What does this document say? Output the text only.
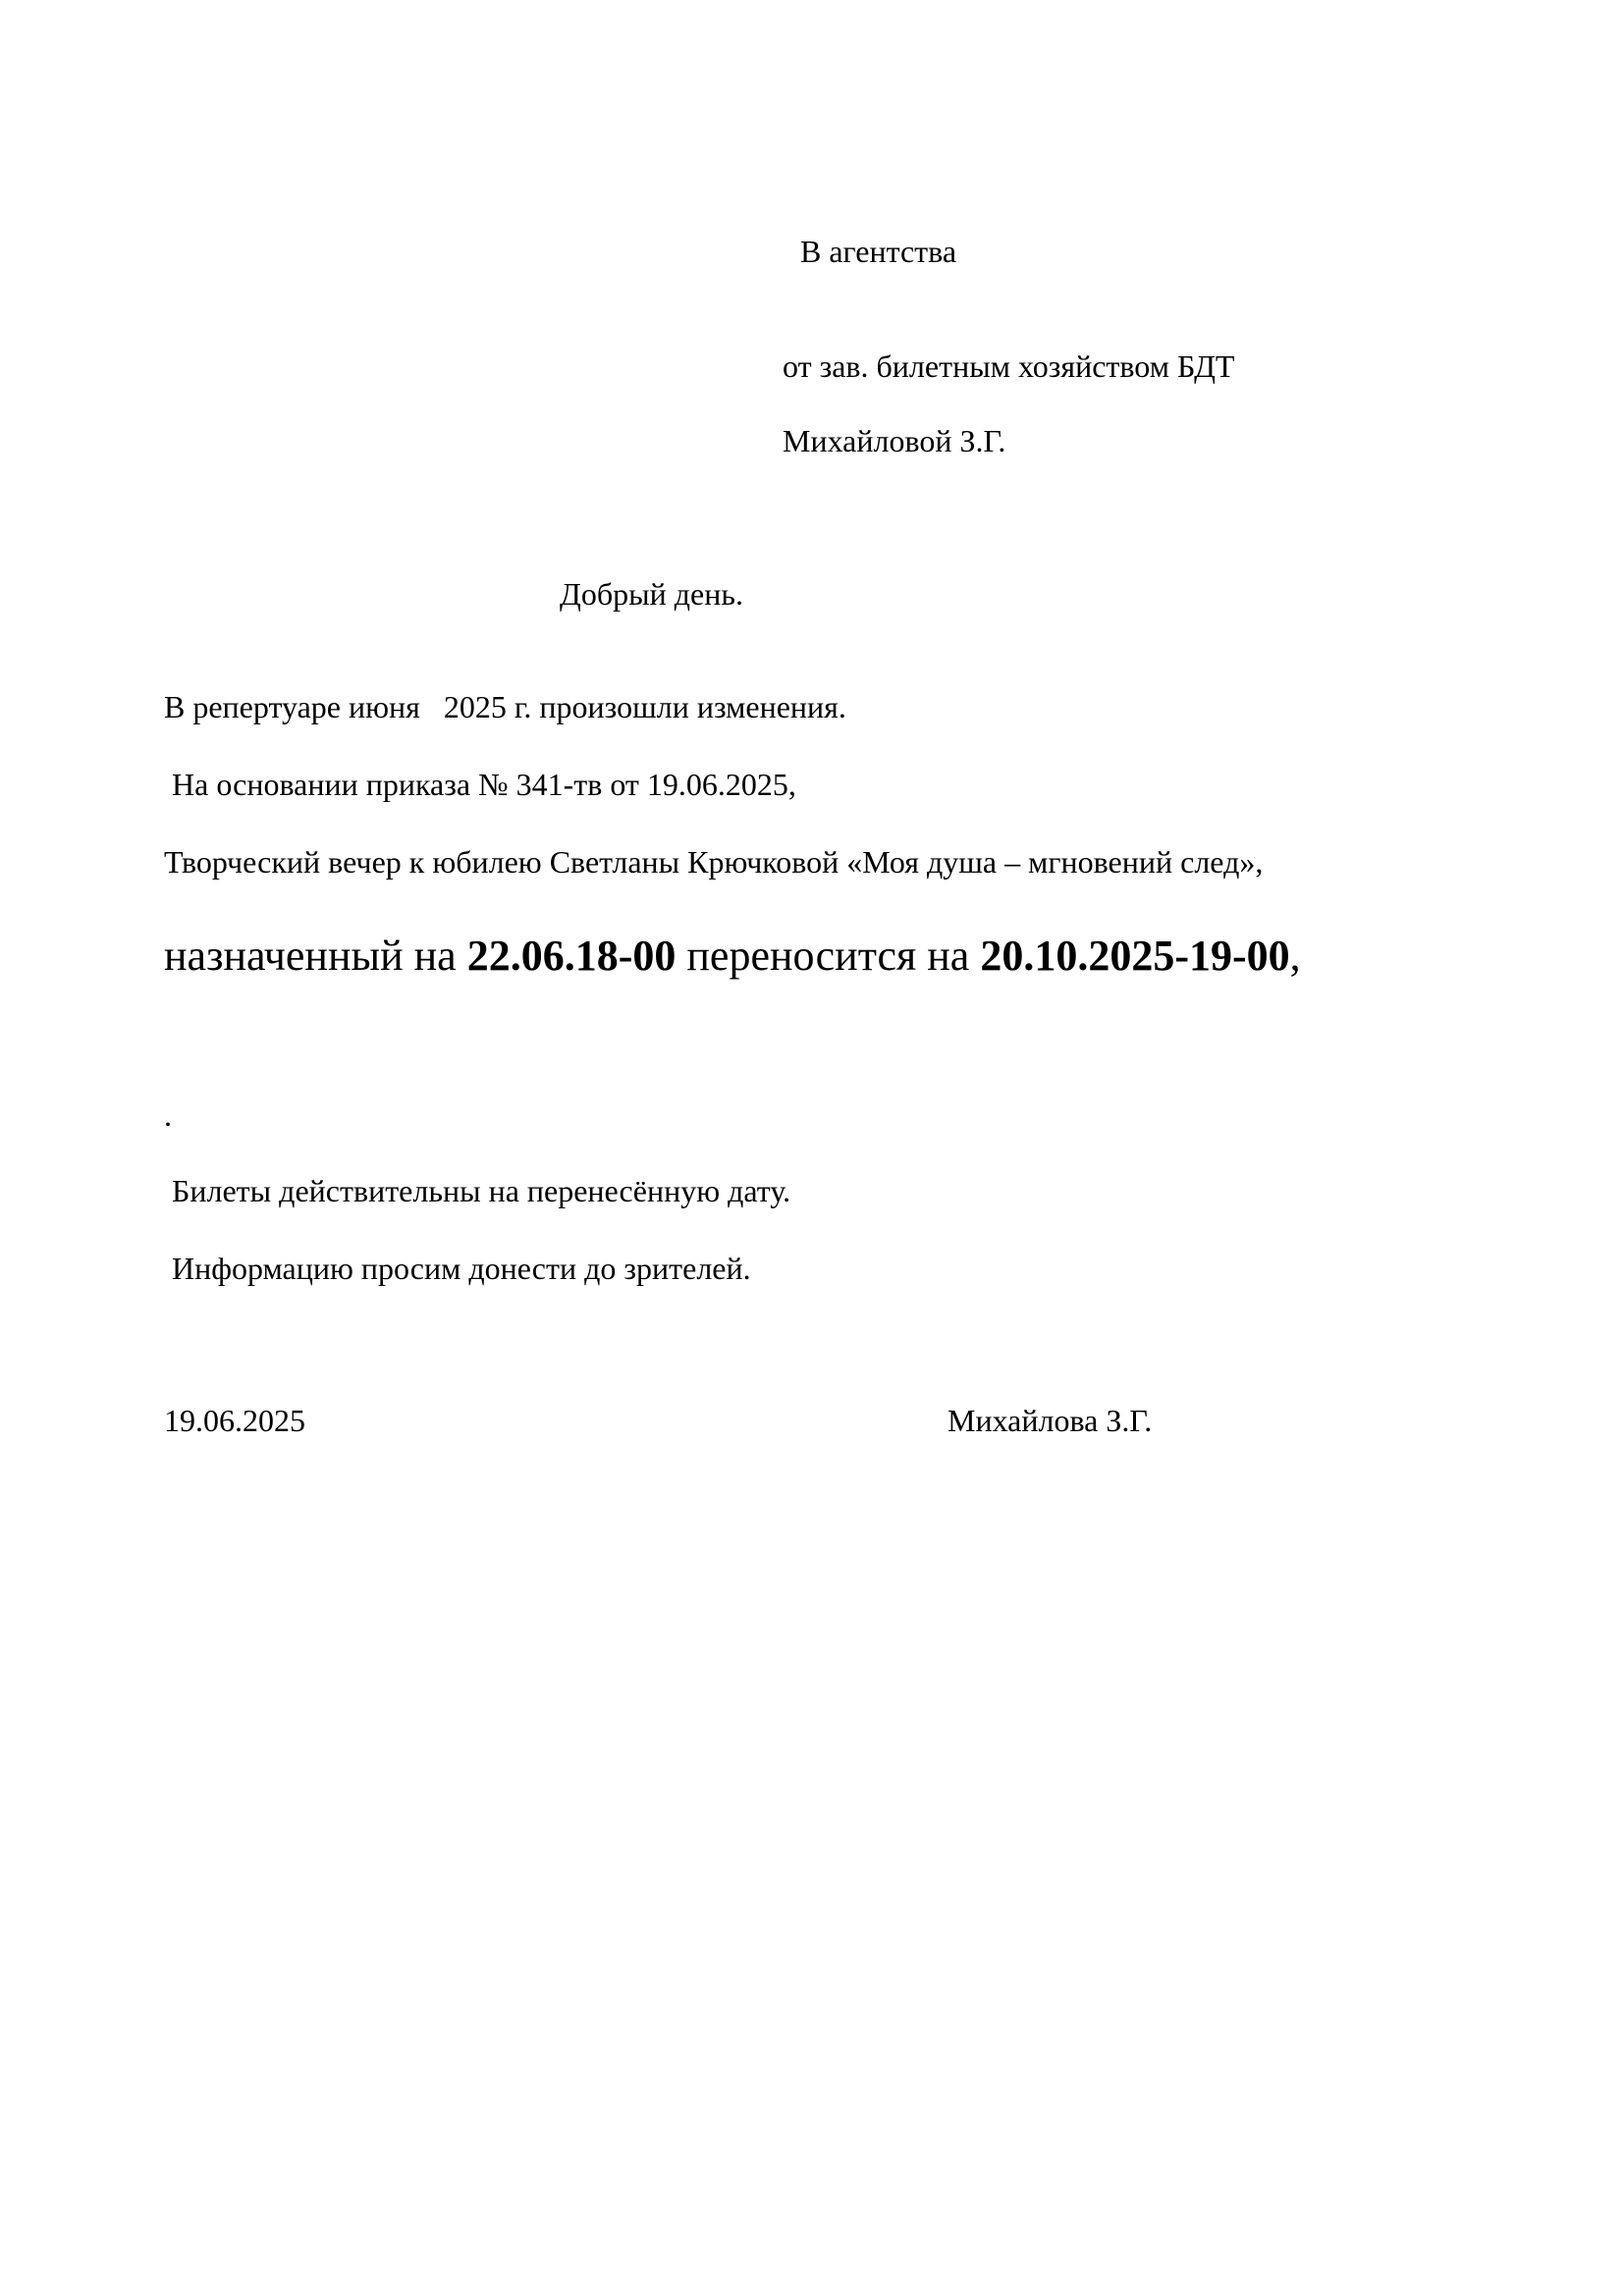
В агентства
от зав. билетным хозяйством БДТ
Михайловой З.Г.
Добрый день.
В репертуаре июня   2025 г. произошли изменения.
На основании приказа № 341-тв от 19.06.2025,
Творческий вечер к юбилею Светланы Крючковой «Моя душа – мгновений след»,
назначенный на 22.06.18-00 переносится на 20.10.2025-19-00,
.
Билеты действительны на перенесённую дату.
Информацию просим донести до зрителей.
19.06.2025	Михайлова З.Г.
